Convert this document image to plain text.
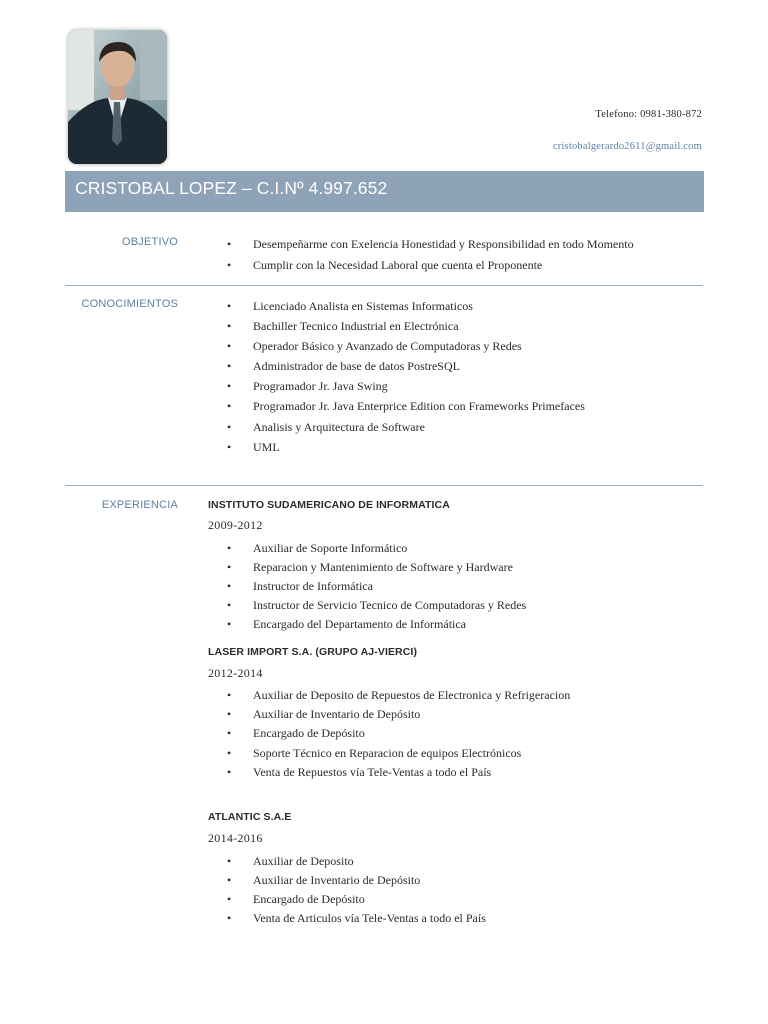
Telefono: 0981-380-872
cristobalgerardo2611@gmail.com
CRISTOBAL LOPEZ – C.I.Nº 4.997.652
OBJETIVO	• Desempeñarme con Exelencia Honestidad y Responsibilidad en todo Momento
• Cumplir con la Necesidad Laboral que cuenta el Proponente
CONOCIMIENTOS	• Licenciado Analista en Sistemas Informaticos
• Bachiller Tecnico Industrial en Electrónica
• Operador Básico y Avanzado de Computadoras y Redes
• Administrador de base de datos PostreSQL
• Programador Jr. Java Swing
• Programador Jr. Java Enterprice Edition con Frameworks Primefaces
• Analisis y Arquitectura de Software
• UML
EXPERIENCIA	INSTITUTO SUDAMERICANO DE INFORMATICA
2009-2012
• Auxiliar de Soporte Informático
• Reparacion y Mantenimiento de Software y Hardware
• Instructor de Informática
• Instructor de Servicio Tecnico de Computadoras y Redes
• Encargado del Departamento de Informática
LASER IMPORT S.A. (GRUPO AJ-VIERCI)
2012-2014
• Auxiliar de Deposito de Repuestos de Electronica y Refrigeracion
• Auxiliar de Inventario de Depósito
• Encargado de Depósito
• Soporte Técnico en Reparacion de equipos Electrónicos
• Venta de Repuestos vía Tele-Ventas a todo el País
ATLANTIC S.A.E
2014-2016
• Auxiliar de Deposito
• Auxiliar de Inventario de Depósito
• Encargado de Depósito
• Venta de Articulos vía Tele-Ventas a todo el País
